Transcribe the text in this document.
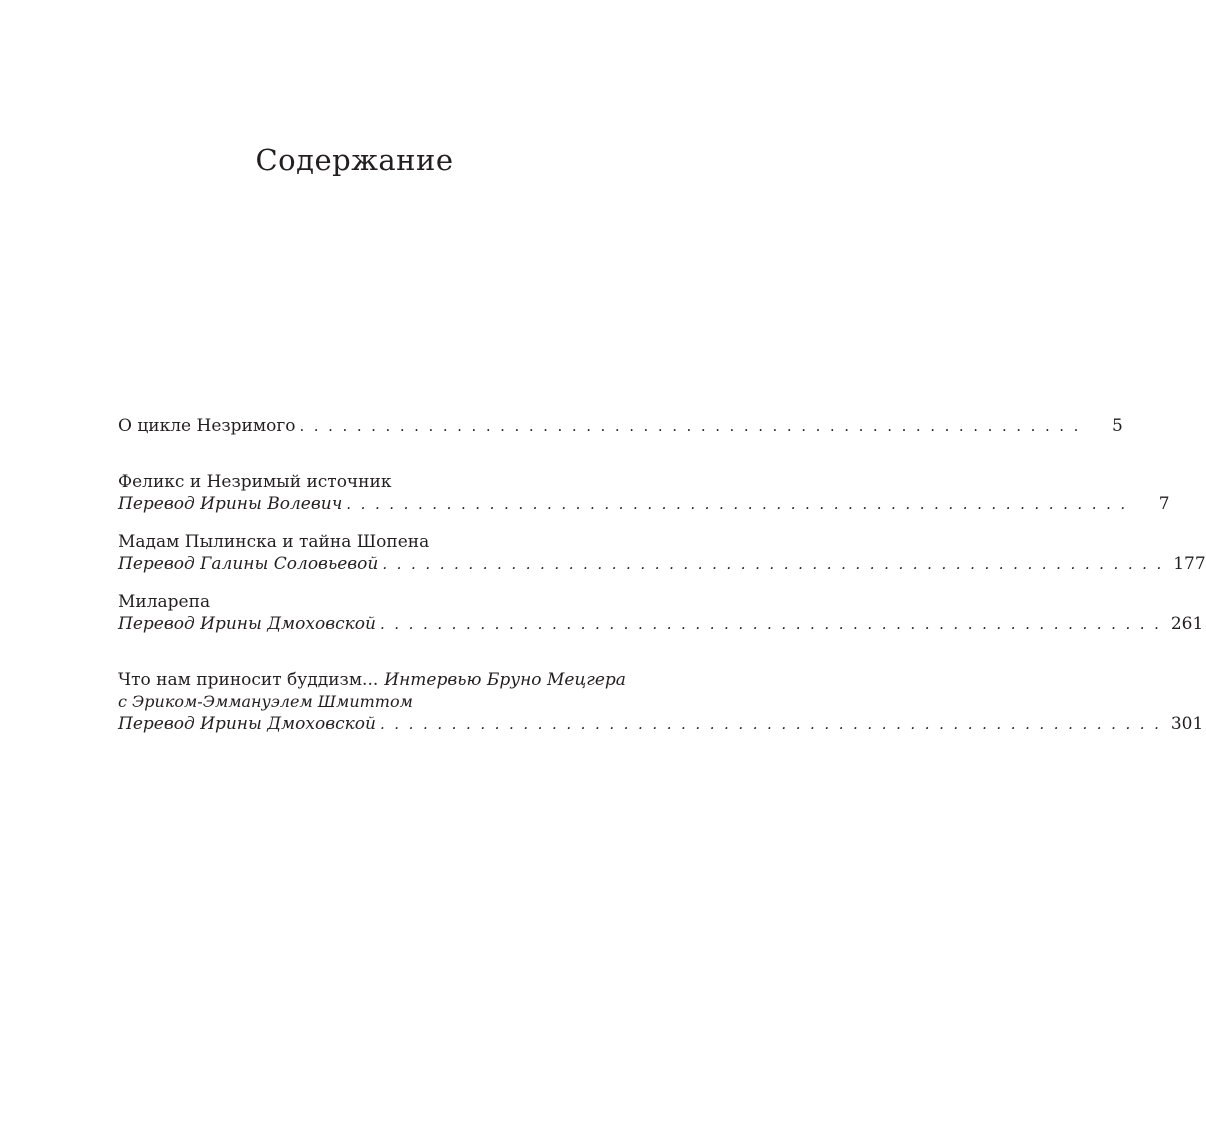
Содержание
О цикле Незримого . . . . . . . . . . . . . . . . . . . . . . . . . . . . . . . . . . . . . . . . . . . . . . . . . . . . . . .	5
Феликс и Незримый источник
Перевод Ирины Волевич . . . . . . . . . . . . . . . . . . . . . . . . . . . . . . . . . . . . . . . . . . . . . . . . . . . . . . .	7
Мадам Пылинска и тайна Шопена
Перевод Галины Соловьевой . . . . . . . . . . . . . . . . . . . . . . . . . . . . . . . . . . . . . . . . . . . . . . . . . . . . . . . 177
Миларепа
Перевод Ирины Дмоховской . . . . . . . . . . . . . . . . . . . . . . . . . . . . . . . . . . . . . . . . . . . . . . . . . . . . . . . 261
Что нам приносит буддизм... Интервью Бруно Мецгера
с Эриком-Эммануэлем Шмиттом
Перевод Ирины Дмоховской . . . . . . . . . . . . . . . . . . . . . . . . . . . . . . . . . . . . . . . . . . . . . . . . . . . . . . . 301
